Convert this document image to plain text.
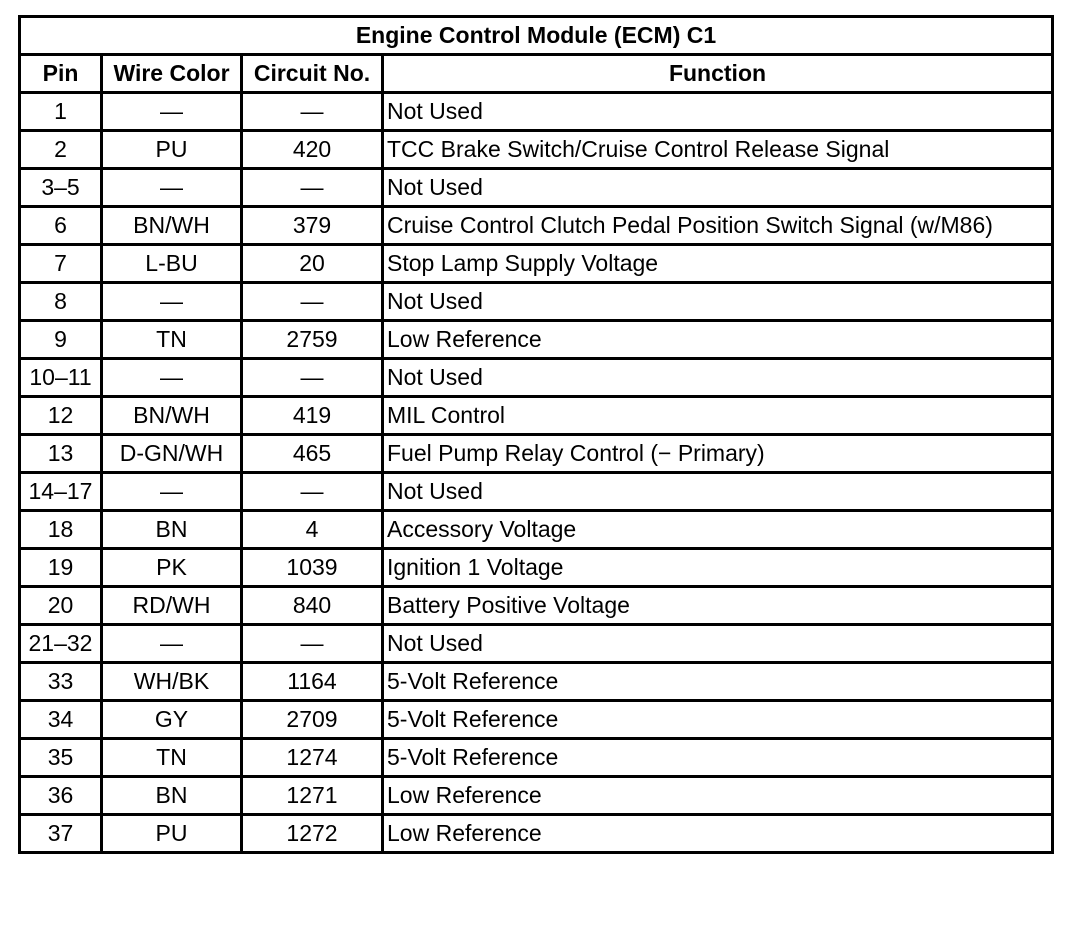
Engine Control Module (ECM) C1			
Pin	Wire Color	Circuit No.	Function
1	—	—	Not Used
2	PU	420	TCC Brake Switch/Cruise Control Release Signal
3–5	—	—	Not Used
6	BN/WH	379	Cruise Control Clutch Pedal Position Switch Signal (w/M86)
7	L-BU	20	Stop Lamp Supply Voltage
8	—	—	Not Used
9	TN	2759	Low Reference
10–11	—	—	Not Used
12	BN/WH	419	MIL Control
13	D-GN/WH	465	Fuel Pump Relay Control (− Primary)
14–17	—	—	Not Used
18	BN	4	Accessory Voltage
19	PK	1039	Ignition 1 Voltage
20	RD/WH	840	Battery Positive Voltage
21–32	—	—	Not Used
33	WH/BK	1164	5-Volt Reference
34	GY	2709	5-Volt Reference
35	TN	1274	5-Volt Reference
36	BN	1271	Low Reference
37	PU	1272	Low Reference
